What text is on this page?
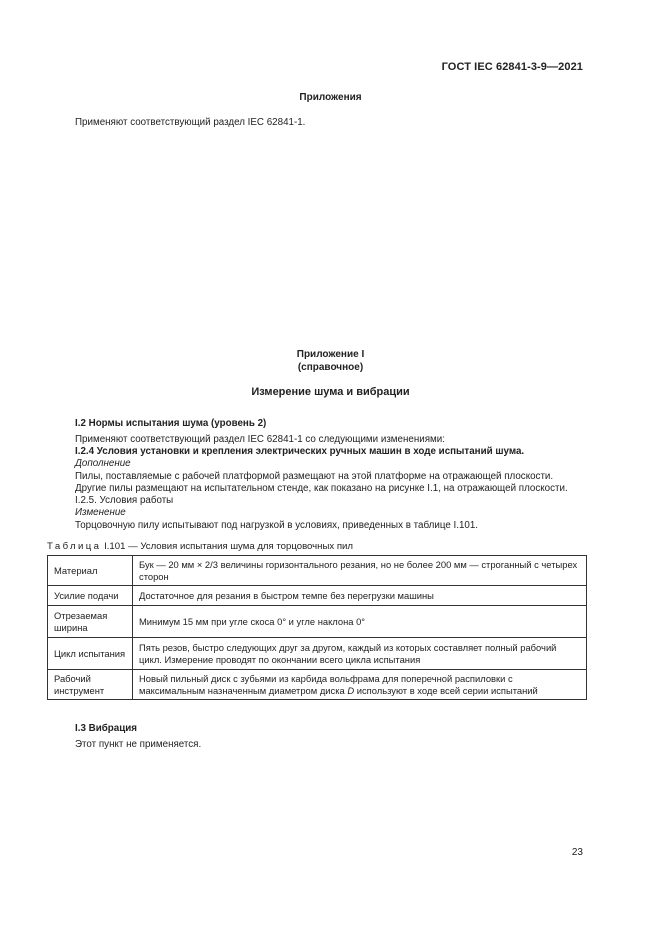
ГОСТ IEC 62841-3-9—2021
Приложения
Применяют соответствующий раздел IEC 62841-1.
Приложение I
(справочное)
Измерение шума и вибрации
I.2 Нормы испытания шума (уровень 2)
Применяют соответствующий раздел IEC 62841-1 со следующими изменениями:
I.2.4 Условия установки и крепления электрических ручных машин в ходе испытаний шума.
Дополнение
Пилы, поставляемые с рабочей платформой размещают на этой платформе на отражающей плоскости.
Другие пилы размещают на испытательном стенде, как показано на рисунке I.1, на отражающей плоскости.
I.2.5. Условия работы
Изменение
Торцовочную пилу испытывают под нагрузкой в условиях, приведенных в таблице I.101.
Таблица I.101 — Условия испытания шума для торцовочных пил
Материал	Бук — 20 мм × 2/3 величины горизонтального резания, но не более 200 мм — строганный с четырех сторон
Усилие подачи	Достаточное для резания в быстром темпе без перегрузки машины
Отрезаемая ширина	Минимум 15 мм при угле скоса 0° и угле наклона 0°
Цикл испытания	Пять резов, быстро следующих друг за другом, каждый из которых составляет полный рабочий цикл. Измерение проводят по окончании всего цикла испытания
Рабочий инструмент	Новый пильный диск с зубьями из карбида вольфрама для поперечной распиловки с максимальным назначенным диаметром диска D используют в ходе всей серии испытаний
I.3 Вибрация
Этот пункт не применяется.
23
